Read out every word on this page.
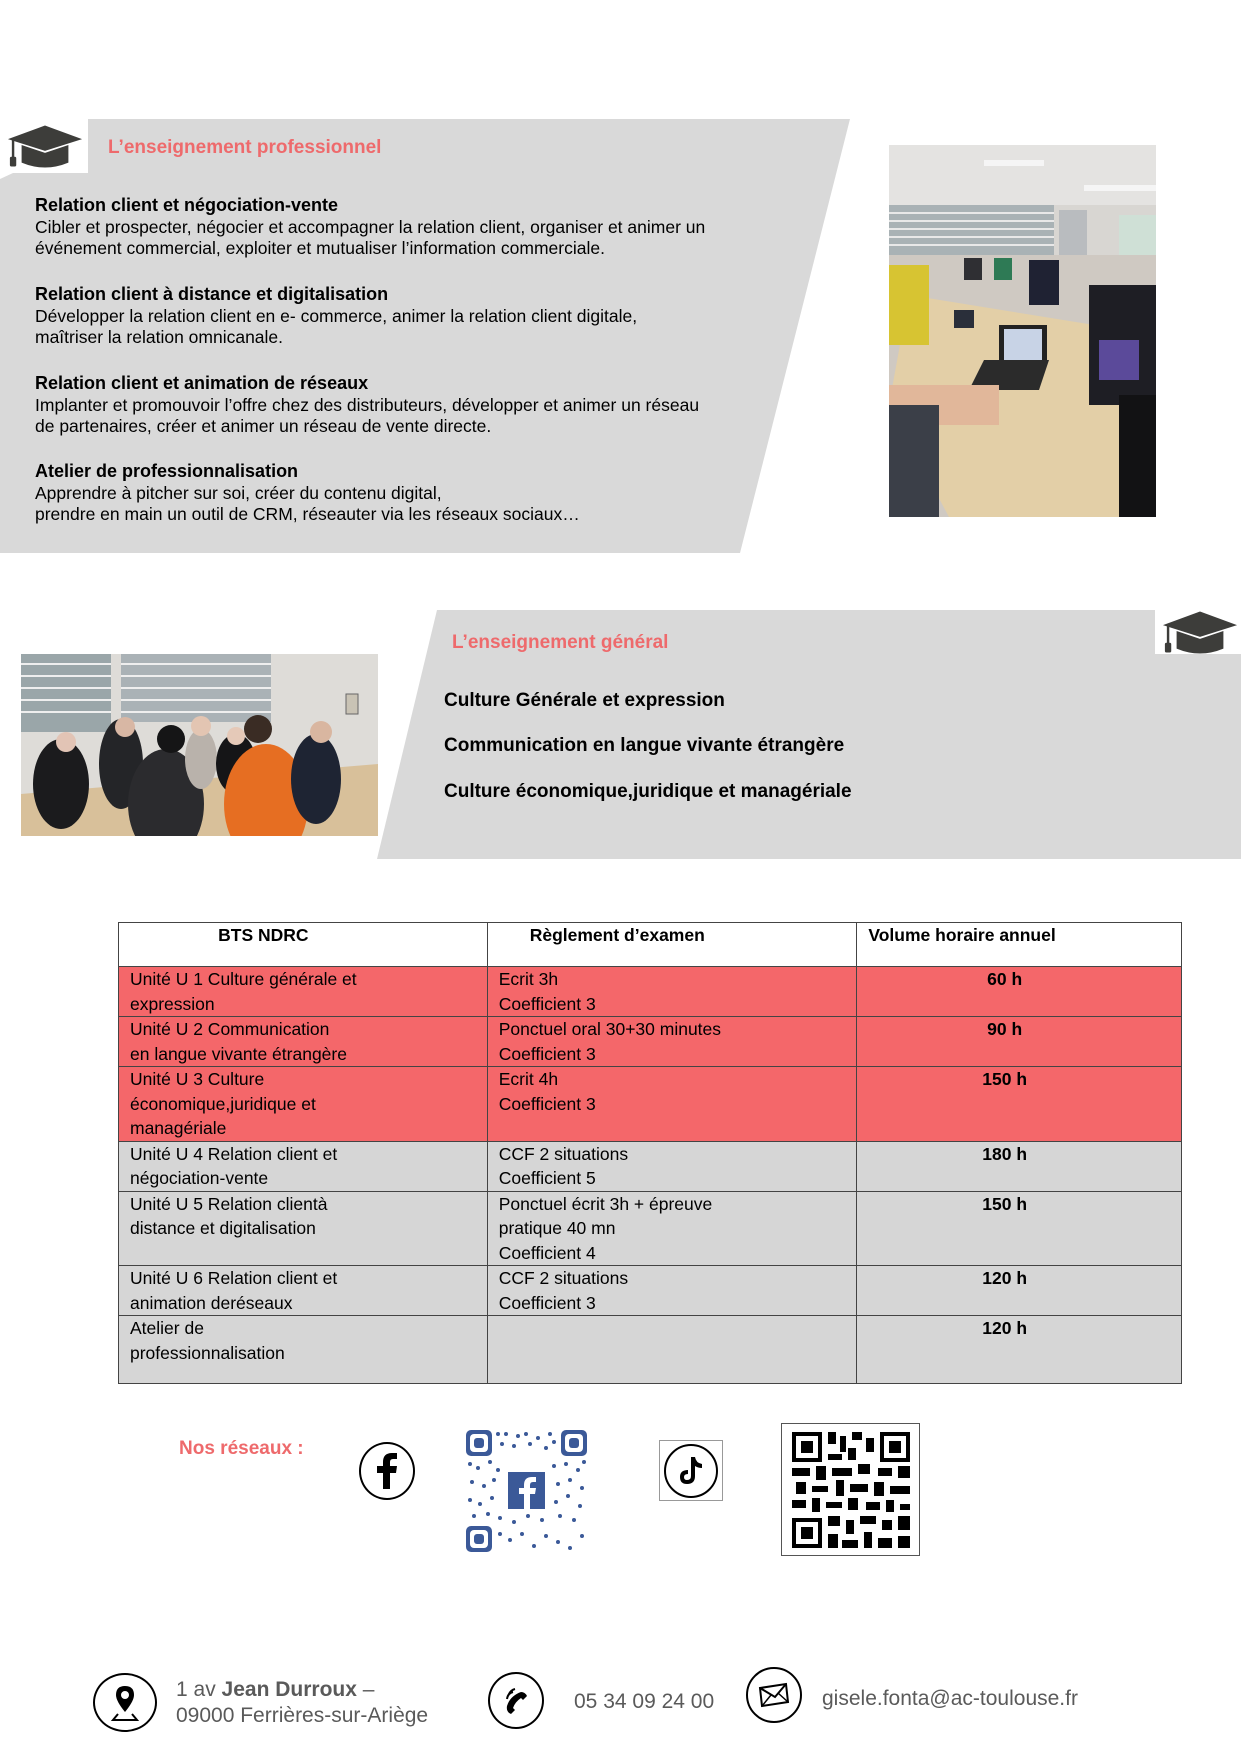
L’enseignement professionnel
Relation client et négociation-vente
Cibler et prospecter, négocier et accompagner la relation client, organiser et animer un
événement commercial, exploiter et mutualiser l’information commerciale.
Relation client à distance et digitalisation
Développer la relation client en e- commerce, animer la relation client digitale,
maîtriser la relation omnicanale.
Relation client et animation de réseaux
Implanter et promouvoir l’offre chez des distributeurs, développer et animer un réseau
de partenaires, créer et animer un réseau de vente directe.
Atelier de professionnalisation
Apprendre à pitcher sur soi, créer du contenu digital,
prendre en main un outil de CRM, réseauter via les réseaux sociaux…
L’enseignement général
Culture Générale et expression
Communication en langue vivante étrangère
Culture économique,juridique et managériale
BTS NDRC	Règlement d’examen	Volume horaire annuel

Unité U 1 Culture générale et
expression	Ecrit 3h
Coefficient 3	60 h

Unité U 2 Communication
en langue vivante étrangère	Ponctuel oral 30+30 minutes
Coefficient 3	90 h

Unité U 3 Culture
économique,juridique et
managériale	Ecrit 4h
Coefficient 3	150 h

Unité U 4 Relation client et
négociation-vente	CCF 2 situations
Coefficient 5	180 h

Unité U 5 Relation clientà
distance et digitalisation	Ponctuel écrit 3h + épreuve
pratique 40 mn
Coefficient 4	150 h

Unité U 6 Relation client et
animation deréseaux	CCF 2 situations
Coefficient 3	120 h

Atelier de
professionnalisation		120 h
Nos réseaux :
1 av Jean Durroux –
09000 Ferrières-sur-Ariège
05 34 09 24 00	gisele.fonta@ac-toulouse.fr
